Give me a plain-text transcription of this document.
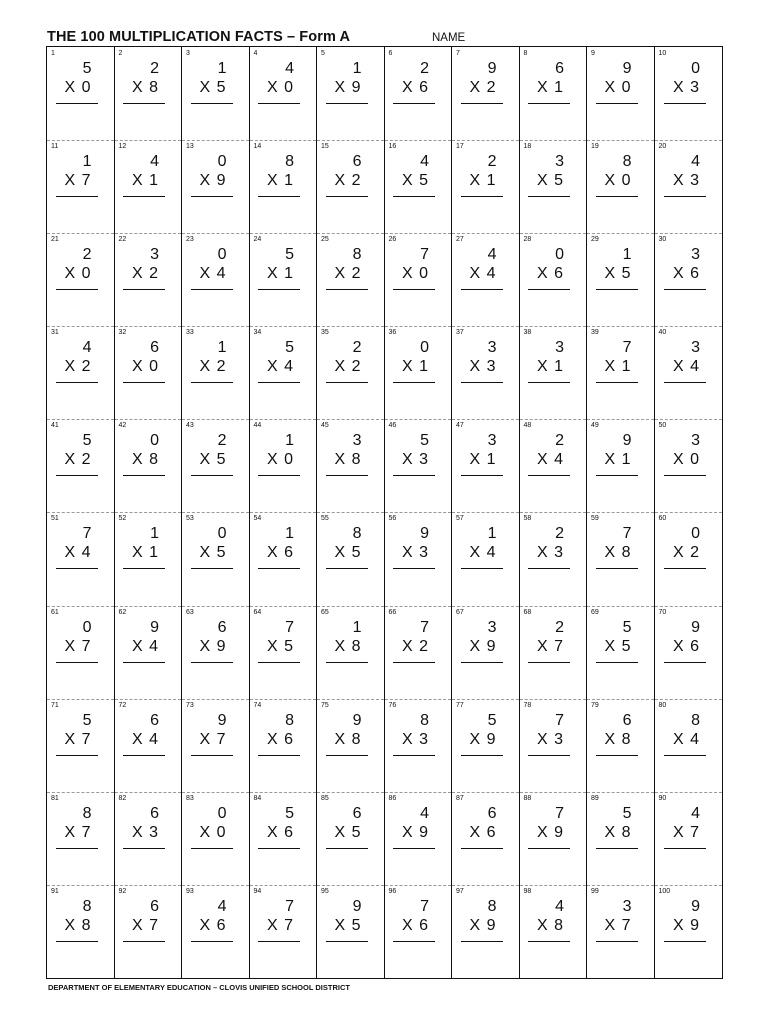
THE 100 MULTIPLICATION FACTS – Form A	NAME
1
5
X 0
2
2
X 8
3
1
X 5
4
4
X 0
5
1
X 9
6
2
X 6
7
9
X 2
8
6
X 1
9
9
X 0
10
0
X 3
11
1
X 7
12
4
X 1
13
0
X 9
14
8
X 1
15
6
X 2
16
4
X 5
17
2
X 1
18
3
X 5
19
8
X 0
20
4
X 3
21
2
X 0
22
3
X 2
23
0
X 4
24
5
X 1
25
8
X 2
26
7
X 0
27
4
X 4
28
0
X 6
29
1
X 5
30
3
X 6
31
4
X 2
32
6
X 0
33
1
X 2
34
5
X 4
35
2
X 2
36
0
X 1
37
3
X 3
38
3
X 1
39
7
X 1
40
3
X 4
41
5
X 2
42
0
X 8
43
2
X 5
44
1
X 0
45
3
X 8
46
5
X 3
47
3
X 1
48
2
X 4
49
9
X 1
50
3
X 0
51
7
X 4
52
1
X 1
53
0
X 5
54
1
X 6
55
8
X 5
56
9
X 3
57
1
X 4
58
2
X 3
59
7
X 8
60
0
X 2
61
0
X 7
62
9
X 4
63
6
X 9
64
7
X 5
65
1
X 8
66
7
X 2
67
3
X 9
68
2
X 7
69
5
X 5
70
9
X 6
71
5
X 7
72
6
X 4
73
9
X 7
74
8
X 6
75
9
X 8
76
8
X 3
77
5
X 9
78
7
X 3
79
6
X 8
80
8
X 4
81
8
X 7
82
6
X 3
83
0
X 0
84
5
X 6
85
6
X 5
86
4
X 9
87
6
X 6
88
7
X 9
89
5
X 8
90
4
X 7
91
8
X 8
92
6
X 7
93
4
X 6
94
7
X 7
95
9
X 5
96
7
X 6
97
8
X 9
98
4
X 8
99
3
X 7
100
9
X 9
DEPARTMENT OF ELEMENTARY EDUCATION – CLOVIS UNIFIED SCHOOL DISTRICT
